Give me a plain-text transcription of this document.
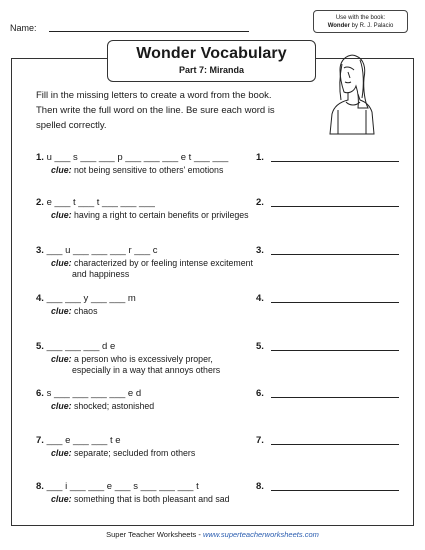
Name:
Use with the book:
Wonder by R. J. Palacio
Wonder Vocabulary
Part 7: Miranda
Fill in the missing letters to create a word from the book. Then write the full word on the line. Be sure each word is spelled correctly.
1. u ___ s ___ ___ p ___ ___ ___ e t ___ ___
clue: not being sensitive to others' emotions
1.
2. e ___ t ___ t ___ ___ ___
clue: having a right to certain benefits or privileges
2.
3. ___ u ___ ___ ___ r ___ c
clue: characterized by or feeling intense excitement
and happiness
3.
4. ___ ___ y ___ ___ m
clue: chaos
4.
5. ___ ___ ___ d e
clue: a person who is excessively proper,
especially in a way that annoys others
5.
6. s ___ ___ ___ ___ e d
clue: shocked; astonished
6.
7. ___ e ___ ___ t e
clue: separate; secluded from others
7.
8. ___ i ___ ___ e ___ s ___ ___ ___ t
clue: something that is both pleasant and sad
8.
Super Teacher Worksheets - www.superteacherworksheets.com
